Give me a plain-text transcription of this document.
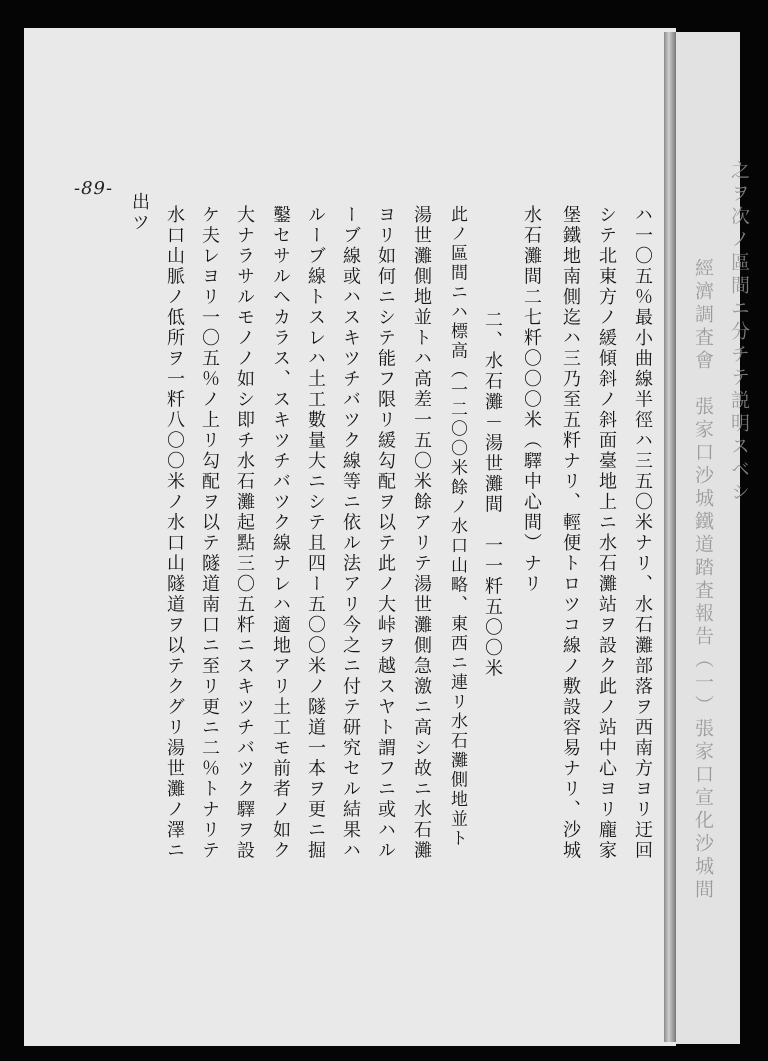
之ヲ次ノ區間ニ分チテ説明スベシ
經濟調査會　張家口沙城鐵道踏査報告（一）張家口宣化沙城間
ハ一〇五％最小曲線半徑ハ三五〇米ナリ、水石灘部落ヲ西南方ヨリ迂回
シテ北東方ノ緩傾斜ノ斜面臺地上ニ水石灘站ヲ設ク此ノ站中心ヨリ龐家
堡鐵地南側迄ハ三乃至五粁ナリ、輕便トロツコ線ノ敷設容易ナリ、沙城
水石灘間二七粁〇〇〇米（驛中心間）ナリ
二、水石灘－湯世灘間　一一粁五〇〇米
此ノ區間ニハ標高（一二〇〇米餘ノ水口山略、東西ニ連リ水石灘側地並ト
湯世灘側地並トハ高差一五〇米餘アリテ湯世灘側急激ニ高シ故ニ水石灘
ヨリ如何ニシテ能フ限リ緩勾配ヲ以テ此ノ大峠ヲ越スヤト謂フニ或ハル
ーブ線或ハスキツチバツク線等ニ依ル法アリ今之ニ付テ研究セル結果ハ
ルーブ線トスレハ土工數量大ニシテ且四ー五〇〇米ノ隧道一本ヲ更ニ掘
鑿セサルヘカラス、スキツチバツク線ナレハ適地アリ土工モ前者ノ如ク
大ナラサルモノノ如シ即チ水石灘起點三〇五粁ニスキツチバツク驛ヲ設
ケ夫レヨリ一〇五％ノ上リ勾配ヲ以テ隧道南口ニ至リ更ニ二％トナリテ
水口山脈ノ低所ヲ一粁八〇〇米ノ水口山隧道ヲ以テクグリ湯世灘ノ澤ニ
出ツ
-89-
